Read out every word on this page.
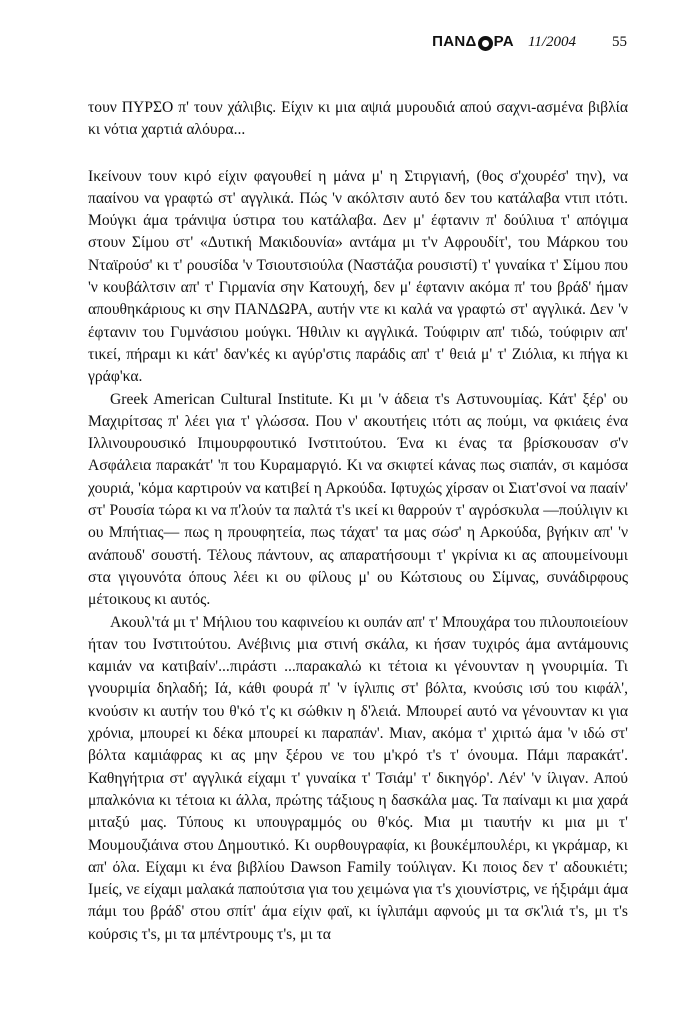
ΠΑΝΔ ΡΑ 11/2004 55

τουν ΠΥΡΣΟ π' τουν χάλιβις. Είχιν κι μια αψιά μυρουδιά απού σαχνι-ασμένα βιβλία κι νότια χαρτιά αλόυρα...

Ικείνουν τουν κιρό είχιν φαγουθεί η μάνα μ' η Στιργιανή, (θος σ'χουρέσ' την), να πααίνου να γραφτώ στ' αγγλικά. Πώς 'ν ακόλτσιν αυτό δεν του κατάλαβα ντιπ ιτότι. Μούγκι άμα τράνιψα ύστιρα του κατάλαβα. Δεν μ' έφτανιν π' δούλιυα τ' απόγιμα στουν Σίμου στ' «Δυτική Μακιδουνία» αντάμα μι τ'ν Αφρουδίτ', του Μάρκου του Νταϊρούσ' κι τ' ρουσίδα 'ν Τσιουτσιούλα (Ναστάζια ρουσιστί) τ' γυναίκα τ' Σίμου που 'ν κουβάλτσιν απ' τ' Γιρμανία σην Κατουχή, δεν μ' έφτανιν ακόμα π' του βράδ' ήμαν απουθηκάριους κι σην ΠΑΝΔΩΡΑ, αυτήν ντε κι καλά να γραφτώ στ' αγγλικά. Δεν 'ν έφτανιν του Γυμνάσιου μούγκι. Ήθιλιν κι αγγλικά. Τούφιριν απ' τιδώ, τούφιριν απ' τικεί, πήραμι κι κάτ' δαν'κές κι αγύρ'στις παράδις απ' τ' θειά μ' τ' Ζιόλια, κι πήγα κι γράφ'κα.

Greek American Cultural Institute. Κι μι 'ν άδεια τ's Αστυνουμίας. Κάτ' ξέρ' ου Μαχιρίτσας π' λέει για τ' γλώσσα. Που ν' ακουτήεις ιτότι ας πούμι, να φκιάεις ένα Ιλλινουρουσικό Ιπιμουρφουτικό Ινστιτούτου. Ένα κι ένας τα βρίσκουσαν σ'ν Ασφάλεια παρακάτ' 'π του Κυραμαργιό. Κι να σκιφτεί κάνας πως σιαπάν, σι καμόσα χουριά, 'κόμα καρτιρούν να κατιβεί η Αρκούδα. Ιφτυχώς χίρσαν οι Σιατ'σνοί να πααίν' στ' Ρουσία τώρα κι να π'λούν τα παλτά τ's ικεί κι θαρρούν τ' αγρόσκυλα —πούλιγιν κι ου Μπήτιας— πως η προυφητεία, πως τάχατ' τα μας σώσ' η Αρκούδα, βγήκιν απ' 'ν ανάπουδ' σουστή. Τέλους πάντουν, ας απαρατήσουμι τ' γκρίνια κι ας απουμείνουμι στα γιγουνότα όπους λέει κι ου φίλους μ' ου Κώτσιους ου Σίμνας, συνάδιρφους μέτοικους κι αυτός.

Ακουλ'τά μι τ' Μήλιου του καφινείου κι ουπάν απ' τ' Μπουχάρα του πιλουποιείουν ήταν του Ινστιτούτου. Ανέβινις μια στινή σκάλα, κι ήσαν τυχιρός άμα αντάμουνις καμιάν να κατιβαίν'...πιράστι ...παρακαλώ κι τέτοια κι γένουνταν η γνουριμία. Τι γνουριμία δηλαδή; Ιά, κάθι φουρά π' 'ν ίγλιπις στ' βόλτα, κνούσις ισύ του κιφάλ', κνούσιν κι αυτήν του θ'κό τ'ς κι σώθκιν η δ'λειά. Μπουρεί αυτό να γένουνταν κι για χρόνια, μπουρεί κι δέκα μπουρεί κι παραπάν'. Μιαν, ακόμα τ' χιριτώ άμα 'ν ιδώ στ' βόλτα καμιάφρας κι ας μην ξέρου νε του μ'κρό τ's τ' όνουμα. Πάμι παρακάτ'. Καθηγήτρια στ' αγγλικά είχαμι τ' γυναίκα τ' Τσιάμ' τ' δικηγόρ'. Λέν' 'ν ίλιγαν. Απού μπαλκόνια κι τέτοια κι άλλα, πρώτης τάξιους η δασκάλα μας. Τα παίναμι κι μια χαρά μιταξύ μας. Τύπους κι υπουγραμμός ου θ'κός. Μια μι τιαυτήν κι μια μι τ' Μουμουζιάινα στου Δημουτικό. Κι ουρθουγραφία, κι βουκέμπουλέρι, κι γκράμαρ, κι απ' όλα. Είχαμι κι ένα βιβλίου Dawson Family τούλιγαν. Κι ποιος δεν τ' αδουκιέτι; Ιμείς, νε είχαμι μαλακά παπούτσια για του χειμώνα για τ's χιουνίστρις, νε ήξιράμι άμα πάμι του βράδ' στου σπίτ' άμα είχιν φαϊ, κι ίγλιπάμι αφνούς μι τα σκ'λιά τ's, μι τ's κούρσις τ's, μι τα μπέντρουμς τ's, μι τα
